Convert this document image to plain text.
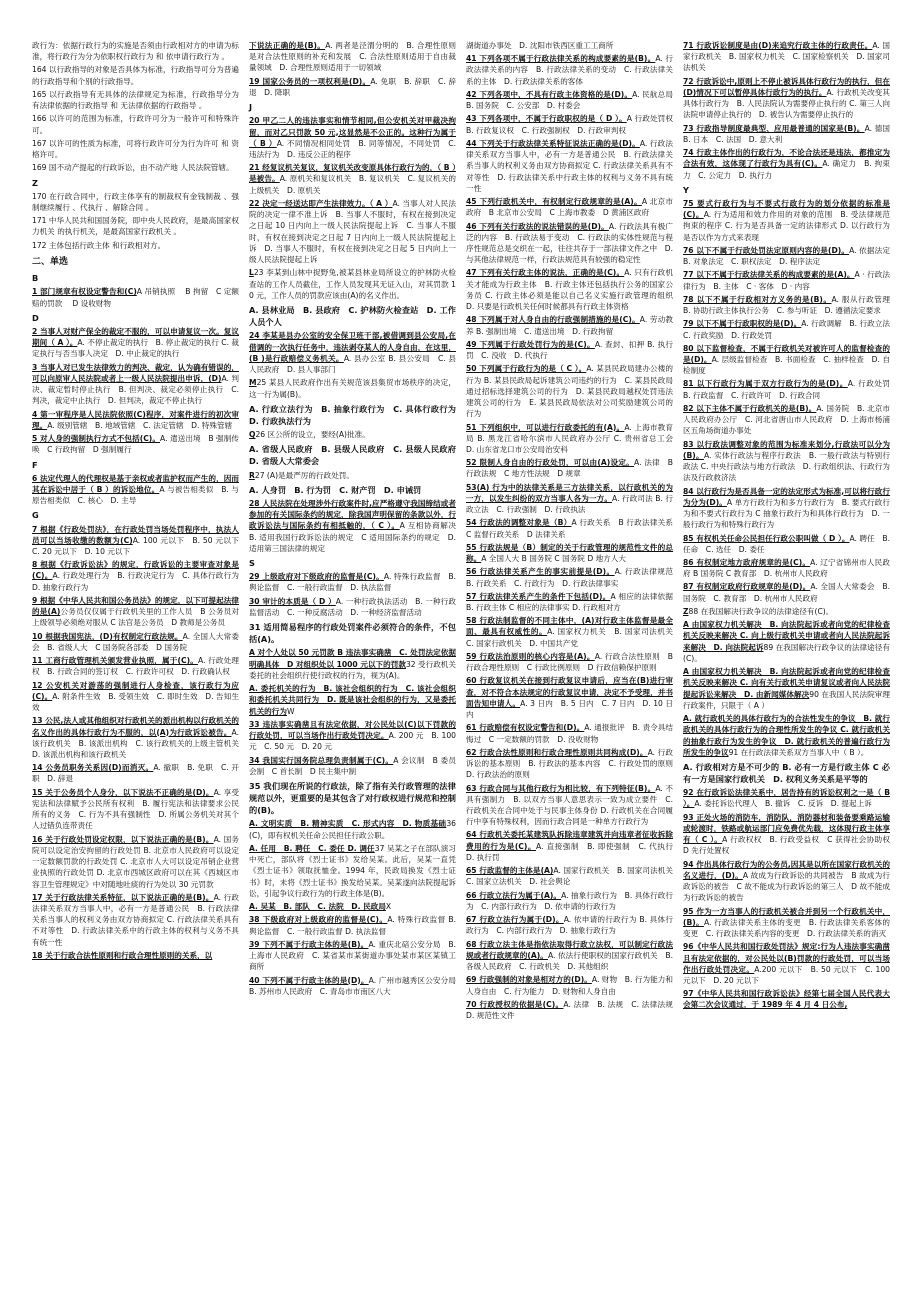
政行为：依据行政行为的实施是否须由行政相对方的申请为标准，将行政行为分为依职权行政行为 和 依申请行政行为 。

164 以行政指导的对象是否具体为标准，行政指导可分为普遍的行政指导和个别的行政指导。

165 以行政指导有无具体的法律规定为标准，行政指导分为 有法律依据的行政指导 和 无法律依据的行政指导 。

166 以许可的范围为标准，行政许可分为一般许可和特殊许可。

167 以许可的性质为标准，可将行政许可分为行为许可 和 资格许可。

169 国不动产提起的行政诉讼，由不动产地 人民法院管辖。

Z

170 在行政合同中，行政主体享有的制裁权有金钱制裁 、强制继续履行 、代执行 、解除合同 。

171 中华人民共和国国务院，即中央人民政府，是最高国家权力机关 的执行机关，是最高国家行政机关 。

172 主体包括行政主体 和行政相对方。

二、单选

B

1 部门规章有权设定警告和(C)A 吊销执照　 B 拘留　C 定额赔的罚款　 D 设收财物

D

2 当事人对财产保全的裁定不服的，可以申请复议一次。复议期间（ A ）。A. 不停止裁定的执行　B. 停止裁定的执行 C. 裁定执行与否当事人决定　D. 中止裁定的执行

3 当事人对已发生法律效力的判决、裁定，认为确有错误的，可以向原审人民法院或者上一级人民法院提出申诉，(D)A. 判决、裁定暂时停止执行　B. 但判决、裁定必须停止执行　C. 判决，裁定中止执行　D. 但判决，裁定不停止执行

4 第一审程序是人民法院依照(C)程序，对案件进行的初次审理。A. 级别管辖　B. 地域管辖　C. 法定管辖　D. 特殊管辖

5 对人身的强制执行方式不包括(C)。A. 遣送出境　B 强制传唤　C 行政拘留　D 强制履行

F

6 法定代理人的代理权是基于亲权或者监护权而产生的，因而其在诉讼中居于（ B ）的诉讼地位。A 与被告相类似　B. 与原告相类似　C. 核心　D. 主导

G

7 根据《行政处罚法》，在行政处罚当场处罚程序中，执法人员可以当场收缴的数额为(C)A. 100 元以下　B. 50 元以下　C. 20 元以下　D. 10 元以下

8 根据《行政诉讼法》的规定，行政诉讼的主要审查对象是(C)。A. 行政处理行为　B. 行政决定行为　C. 具体行政行为　D. 抽象行政行为

9 根据《中华人民共和国公务员法》的规定，以下可提起法律的是(A)公务员仅仅属于行政机关里的工作人员　B 公务员对上级领导必须绝对服从 C 法官是公务员　D 教师是公务员

10 根据我国宪法，(D)有权制定行政法规。A. 全国人大常委会　B. 省级人大　C 国务院各部委　D 国务院

11 工商行政管理机关颁发营业执照，属于(C)。A. 行政处理权　B. 行政合同的签订权　C. 行政许可权　D. 行政确认权

12 公安机关对游荡的强制进行人身检查，该行政行为应(C)。A. 附条件生效　B. 受领生效　C. 即时生效　D. 告知生效

13 公民,法人或其他组织对行政机关的派出机构以行政机关的名义作出的具体行政行为不服的，以(A)为行政诉讼被告。A. 该行政机关　B. 该派出机构　C. 该行政机关的上级主管机关　D. 该派出机构和该行政机关

14 公务员职务关系因(D)而消灭。A. 撤职　B. 免职　C. 开职　D. 辞退

15 关于公务员个人身分，以下说法不正确的是(D)。A. 享受宪法和法律赋予公民所有权利　B. 履行宪法和法律要求公民所有的义务　C. 行为不具有强制性　D. 所属公务机关对其个人过错负连带责任

16 关于行政处罚设定权限，以下说法正确的是(B)。A. 国务院可以设定治安拘留的行政处罚 B. 北京市人民政府可以设定一定数额罚款的行政处罚 C. 北京市人大可以设定吊销企业营业执照的行政处罚 D. 北京市西城区政府可以在其《西城区市容卫生管理规定》中对随地吐痰的行为处以 30 元罚款

17 关于行政法律关系特征，以下说法正确的是(B)。A. 行政法律关系双方当事人中，必有一方是普通公民　B. 行政法律关系当事人的权利义务由双方协商拟定 C. 行政法律关系具有不对等性　D. 行政法律关系中的行政主体的权利与义务不具有统一性

18 关于行政合法性原则和行政合理性原则的关系，以

下说法正确的是(B)。A. 两者是泾渭分明的　B. 合理性原则是对合法性原则的补充和发展　C. 合法性原则适用于自由裁量领域　D. 合理性原则适用于一切领域

19 国家公务员的一项权利是(D)。A. 免职　B. 辞职　C. 辞退　D. 降职

J

20 甲乙二人的违法事实和情节相同,但公安机关对甲裁决拘留，而对乙只罚款 50 元,这显然是不公正的。这种行为属于（ B ）A. 不同情况相同处罚　B. 同等情况，不同处罚　C. 违法行为　D. 违反公正的程序

21 经复议机关复议，复议机关改变原具体行政行为的，（ B ）是被告。A. 原机关和复议机关　B. 复议机关　C. 复议机关的上级机关　D. 原机关

22 决定一经送达即产生法律效力。（ A ）A. 当事人对人民法院的决定一律不准上诉　B. 当事人不服时，有权在接到决定之日起 10 日内向上一级人民法院提起上诉　C. 当事人不服时，有权在接到决定之日起 7 日内向上一级人民法院提起上诉　D. 当事人不服时，有权在接到决定之日起 5 日内向上一级人民法院提起上诉

L23 李某到山林中捉野兔,被某县林业局所设立的护林防火检查站的工作人员截住，工作人员发现其无证入山，对其罚款 10 元，工作人员的罚款应该由(A)的名义作出。

A. 县林业局　B. 县政府　C. 护林防火检查站　D. 工作人员个人

24 李某是县办公室的安全保卫班干部,被借调到县公安局,在借调的一次执行任务中，违法剥夺某人的人身自由，在这里，(B )是行政赔偿义务机关。A. 县办公室 B. 县公安局　C. 县人民政府　D. 县人事部门

M25 某县人民政府作出有关规范该县集贸市场秩序的决定，这一行为属(B)。

A. 行政立法行为　B. 抽象行政行为　C. 具体行政行为　D. 行政执法行为

Q26 区公所的设立，要经(A)批准。

A. 省级人民政府　B. 县级人民政府　C. 县级人民政府　D. 省级人大常委会

R27 (A)是最严厉的行政处罚。

A. 人身罚　B. 行为罚　C. 财产罚　D. 申诫罚

28 人民法院在处理涉外行政案件时,应严格遵守我国缔结或者参加的有关国际条约的规定，除我国声明保留的条款以外，行政诉讼法与国际条约有相抵触的，（ C ）。A 互相协商解决　B. 适用我国行政诉讼法的规定　C 适用国际条约的规定　D. 适用第三国法律的规定

S

29 上级政府对下级政府的监督是(C)。A. 特殊行政监督　B. 舆论监督　C. 一般行政监督　D. 执法监督

30 审计的本质是（ D ）A. 一种行政执法活动　B. 一种行政监督活动　C. 一种反腐活动　D. 一种经济监督活动

31 适用简易程序的行政处罚案件必须符合的条件，不包括(A)。

A 对个人处以 50 元罚款 B 违法事实确凿　C. 处罚法定依据明确具体　D 对组织处以 1000 元以下的罚款32 受行政机关委托的社会组织行使行政权的行为，视为(A)。

A. 委托机关的行为　B. 该社会组织的行为　C. 该社会组织和委托机关共同行为　D. 既是该社会组织的行为，又是委托机关的行为W

33 违法事实确凿且有法定依据，对公民处以(C)以下罚款的行政处罚，可以当场作出行政处罚决定。A. 200 元　B. 100 元　C. 50 元　D. 20 元

34 我国实行国务院总理负责制属于(C)。A 会议制　B 委员会制　C 首长制　D 民主集中制

35 我们现在所说的行政法，除了指有关行政管理的法律规范以外，更重要的是其包含了对行政权进行规范和控制的(B)。

A. 文明实质　B. 精神实质　C. 形式内容　D. 物质基础36 (C)，即有权机关任命公民担任行政公职。

A. 任用　B. 聘任　C. 委任 D. 调任37 吴某之子在部队演习中死亡，部队将《烈士证书》发给吴某。此后，吴某一直凭《烈士证书》领取抚恤金。1994 年，民政局换发《烈士证书》时，未将《烈士证书》换发给吴某。吴某遂向法院提起诉讼，引起争议行政行为的行政主体是(B)。

A. 吴某　B. 部队　C. 法院　D. 民政局X

38 下级政府对上级政府的监督是(C)。A. 特殊行政监督 B. 舆论监督　C. 一般行政监督 D. 执法监督

39 下列不属于行政主体的是(B)。A. 重庆北碚公安分局　B. 上海市人民政府　C. 某省某市某街道办事处某市某区某镇工商所

40 下列不属于行政主体的是(D)。A. 广州市越秀区公安分局　B. 苏州市人民政府　C. 青岛市市南区八大

湖街道办事处　D. 沈阳市铁西区重工工商所

41 下列各项不属于行政法律关系的构成要素的是(B)。A. 行政法律关系的内容　B. 行政法律关系的变动　C. 行政法律关系的主体　D. 行政法律关系的客体

42 下列各项中，不具有行政主体资格的是(D)。A. 民航总局　B. 国务院　C. 公安部　D. 村委会

43 下列各项中，不属于行政职权的是（ D ）。A 行政处罚权 B. 行政复议权　C. 行政强制权　D. 行政审判权

44 下列关于行政法律关系特征说法正确的是(D)。A. 行政法律关系双方当事人中，必有一方是普通公民　B. 行政法律关系当事人的权利义务由双方协商拟定 C. 行政法律关系具有不对等性　D. 行政法律关系中行政主体的权利与义务不具有统一性

45 下列行政机关中，有权制定行政规章的是(A)。A 北京市政府　B 北京市公安局　C 上海市教委　D 黄浦区政府

46 下列有关行政法的说法错误的是(D)。A. 行政法具有极广泛的内容　B. 行政法易于变动　C. 行政法的实体性规范与程序性规范总是交织在一起，往往共存于一部法律文件之中　D. 与其他法律规范一样，行政法规范具有较强的稳定性

47 下列有关行政主体的说法，正确的是(C)。A. 只有行政机关才能成为行政主体　B. 行政主体还包括执行公务的国家公务员 C. 行政主体必须是能以自己名义实施行政管理的组织　D. 只要是行政机关任何时候都具有行政主体资格

48 下列属于对人身自由的行政强制措施的是(C)。A. 劳动教养 B. 强制出境　C. 遣送出境　D. 行政拘留

49 下列属于行政处罚行为的是(C)。A. 查封、扣押 B. 执行罚　C. 没收　D. 代执行

50 下列属于行政行为的是（ C ）。A. 某县民政局建办公楼的行为 B. 某县民政局起诉建筑公司违约的行为　C. 某县民政局通过招标选择建筑公司的行为　D. 某县民政局越权处罚违法建筑公司的行为　E. 某县民政局依法对公司奖励建筑公司的行为

51 下列组织中，可以进行行政委托的有(A)。A. 上海市教育局 B. 黑龙江省哈尔滨市人民政府办公厅 C. 贵州省总工会　D. 山东省龙口市公安局治安科

52 限制人身自由的行政处罚，可以由(A)设定。A. 法律　B 行政法规　C 地方性法规　D 规章

53(A) 行为中的法律关系是三方法律关系，以行政机关的为一方，以发生纠纷的双方当事人各为一方。A. 行政司法 B. 行政立法　C. 行政强制　D. 行政执法

54 行政法的调整对象是（B）A 行政关系　B 行政法律关系　C 监督行政关系　D 法律关系

55 行政法规是（B）制定的关于行政管理的规范性文件的总称。A 全国人大 B 国务院 C 国务院 D 地方人大

56 行政法律关系产生的事实前提是(D)。A. 行政法律规范　B. 行政关系　C. 行政行为　D. 行政法律事实

57 行政法律关系产生的条件下包括(D)。A 相应的法律依据　B. 行政主体 C 相应的法律事实 D. 行政相对方

58 行政法制监督的不同主体中，(A)对行政主体监督是最全面、最具有权威性的。A. 国家权力机关　B. 国家司法机关　C. 国家行政机关　D. 中国共产党

59 行政法治原则的核心内容是(A)。A. 行政合法性原则　B 行政合理性原则　C 行政比例原则　D 行政信赖保护原则

60 行政复议机关在接到行政复议申请后，应当在(B)进行审查，对不符合本法规定的行政复议申请，决定不予受理，并书面告知申请人。A. 3 日内　B. 5 日内　C. 7 日内　D. 10 日内

61 行政赔偿有权设定警告和(D)。A. 通报批评　B. 责令具结悔过　C 一定数额的罚款　D. 没收财物

62 行政合法性原则和行政合理性原则共同构成(D)。A. 行政诉讼的基本原则　B. 行政法的基本内容　C. 行政处罚的原则　D. 行政法治的原则

63 行政合同与其他行政行为相比较，有下列特征(B)。A. 不具有强制力　B. 以双方当事人意思表示一致为成立要件　C. 行政机关在合同中处于与民事主体身份 D. 行政机关在合同履行中享有特殊权利，因而行政合同是一种单方行政行为

64 行政机关委托某建筑队拆除违章建筑并向违章者征收拆除费用的行为是(C)。A. 直接强制　B. 即使强制　C. 代执行　D. 执行罚

65 行政监督的主体是(A)A. 国家行政机关　B. 国家司法机关　C. 国家立法机关　D. 社会舆论

66 行政立法行为属于(A)。A. 抽象行政行为　B. 具体行政行为　C. 内部行政行为　D. 依申请的行政行为

67 行政立法行为属于(D)。A. 依申请的行政行为 B. 具体行政行为　C. 内部行政行为　D. 抽象行政行为

68 行政立法主体是指依法取得行政立法权，可以制定行政法规或者行政规章的(A)。A. 依法行使职权的国家行政机关　B. 各级人民政府　C. 行政机关　D. 其他组织

69 行政强制的对象是相对方的(D)。A. 财物　B. 行为能力和人身自由　C. 行为能力　D. 财物和人身自由

70 行政授权的依据是(C)。A. 法律　B. 法规　C. 法律法规　D. 规范性文件

71 行政诉讼制度是由(D)来追究行政主体的行政责任。A. 国家行政机关　B. 国家权力机关　C. 国家检察机关　D. 国家司法机关

72 行政诉讼中,原则上不停止被诉具体行政行为的执行，但在(D)情况下可以暂停具体行政行为的执行。A. 行政机关改变其具体行政行为　B. 人民法院认为需要停止执行的 C. 第三人向法院申请停止执行的　D. 被告认为需要停止执行的

73 行政指导制度最典型、应用最普通的国家是(B)。A. 德国　B. 日本　C. 法国　D. 意大利

74 行政主体作出的行政行为，不论合法还是违法，都推定为合法有效，这体现了行政行为具有(C)。A. 确定力　B. 拘束力　C. 公定力　D. 执行力

Y

75 要式行政行为与不要式行政行为的划分依据的标准是(C)。A. 行为适用和效力作用的对象的范围　B. 受法律规范拘束的程序 C. 行为是否具备一定的法律形式 D. 以行政行为是否以作为方式来表现

76 以下不属于行政处罚法定原则内容的是(D)。A. 依据法定　B. 对象法定　C. 职权法定　D. 程序法定

77 以下不属于行政法律关系的构成要素的是(A)。A · 行政法律行为　B. 主体　C · 客体　D · 内容

78 以下不属于行政相对方义务的是(B)。A. 服从行政管理　B. 协助行政主体执行公务　C. 参与听证　D. 遵循法定要求

79 以下不属于行政职权的是(D)。A. 行政调解　B. 行政立法　C. 行政奖励　D. 行政处罚

80 以下监督检查，不属于行政机关对被许可人的监督检查的是(D)。A. 层级监督检查　B. 书面检查　C. 抽样检查　D. 自检制度

81 以下行政行为属于双方行政行为的是(D)。A. 行政处罚　B. 行政监督　C. 行政许可　D. 行政合同

82 以下主体不属于行政机关的是(B)。A. 国务院　B. 北京市人民政府办公厅　C. 河北省唐山市人民政府　D. 上海市杨浦区五角场街道办事处

83 以行政法调整对象的范围为标准来划分,行政法可以分为(B)。A. 实体行政法与程序行政法　B. 一般行政法与特别行政法 C. 中央行政法与地方行政法　D. 行政组织法、行政行为法及行政救济法

84 以行政行为是否具备一定的法定形式为标准,可以将行政行为分为(D)。A 单方行政行为和多方行政行为　B. 要式行政行为和不要式行政行为 C 抽象行政行为和具体行政行为　D. 一般行政行为和特殊行政行为

85 有权机关任命公民担任行政公职叫做（ D ）。A. 聘任　B. 任命　C. 选任　D. 委任

86 有权制定地方政府规章的是(C)。A. 辽宁省锦州市人民政府 B 国务院 C 教育部　D. 杭州市人民政府

87 有权制定政府行政规章的是(D)。A. 全国人大常委会　B. 国务院　C. 教育部　D. 杭州市人民政府

Z88 在我国解决行政争议的法律途径有(C)。

A 由国家权力机关解决　B. 向法院起诉或者向党的纪律检查机关反映来解决 C. 向上级行政机关申请或者向人民法院起诉来解决　D. 向法院起诉89 在我国解决行政争议的法律途径有(C)。

A 由国家权力机关解决　B. 向法院起诉或者向党的纪律检查机关反映来解决 C. 向有关行政机关申请复议或者向人民法院提起诉讼来解决　D. 由新闻媒体解决90 在我国人民法院审理行政案件，只限于（ A ）

A. 就行政机关的具体行政行为的合法性发生的争议　B. 就行政机关的具体行政行为的合理性所发生的争议 C. 就行政机关的抽象行政行为发生的争议　D. 就行政机关的普遍行政行为所发生的争议91 在行政法律关系双方当事人中（ B ）。

A. 行政相对方是不可少的 B. 必有一方是行政主体 C 必有一方是国家行政机关　D. 权利义务关系是平等的

92 在行政诉讼法律关系中，居告持有的诉讼权利之一是（ B ）。A. 委托诉讼代理人　B. 撤诉　C. 反诉　D. 提起上诉

93 正处火场的消防车，消防队，消防器材和装备要乘路运输或轮渡时，铁路或航运部门应免费优先载，这体现行政主体享有（ C ）。A 行政权权　B. 行政受益权　C 获得社会协助权　D 先行处置权

94 作出具体行政行为的公务员,因其是以所在国家行政机关的名义进行，(D)。A 故成为行政诉讼的共同被告　B 故成为行政诉讼的被告　C 故不能成为行政诉讼的第三人　D 故不能成为行政诉讼的被告

95 作为一方当事人的行政机关被合并到另一个行政机关中，(B)。A. 行政法律关系主体的变更　B. 行政法律关系客体的变更　C. 行政法律关系内容的变更　D. 行政法律关系的消灭

96《中华人民共和国行政处罚法》规定:行为人违法事实确凿且有法定依据的，对公民处以(B)罚款的行政处罚，可以当场作出行政处罚决定。A.200 元以下　B. 50 元以下　C. 100 元以下　D. 20 元以下

97《中华人民共和国行政诉讼法》经第七届全国人民代表大会第二次会议通过，于 1989 年 4 月 4 日公布,
